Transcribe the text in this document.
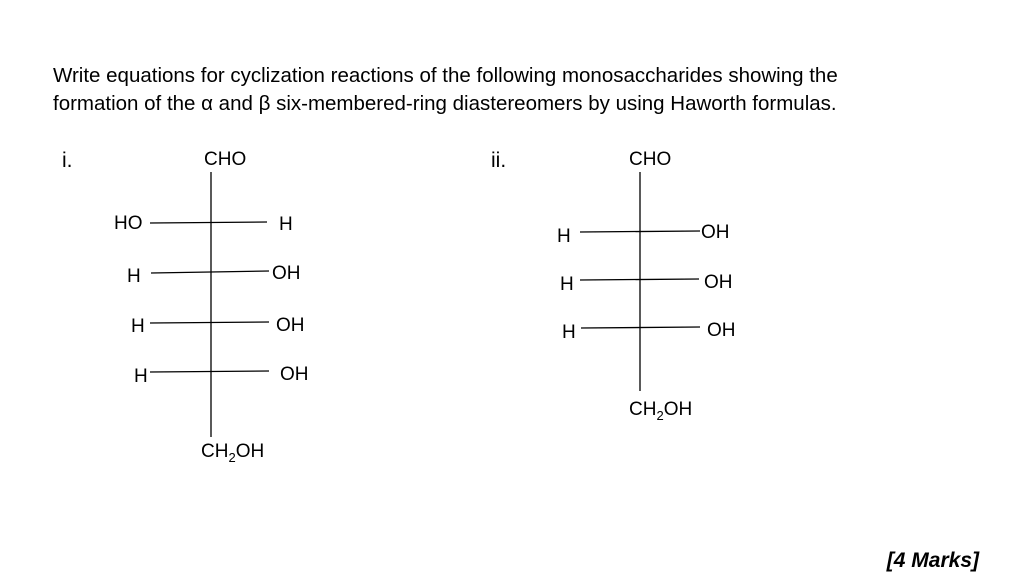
Write equations for cyclization reactions of the following monosaccharides showing the
formation of the α and β six-membered-ring diastereomers by using Haworth formulas.
i.	ii.
CHO
HO	H
H	OH
H	OH
H	OH
$CH_2OH$
CHO
H	OH
H	OH
H	OH
$CH_2OH$
[4 Marks]
